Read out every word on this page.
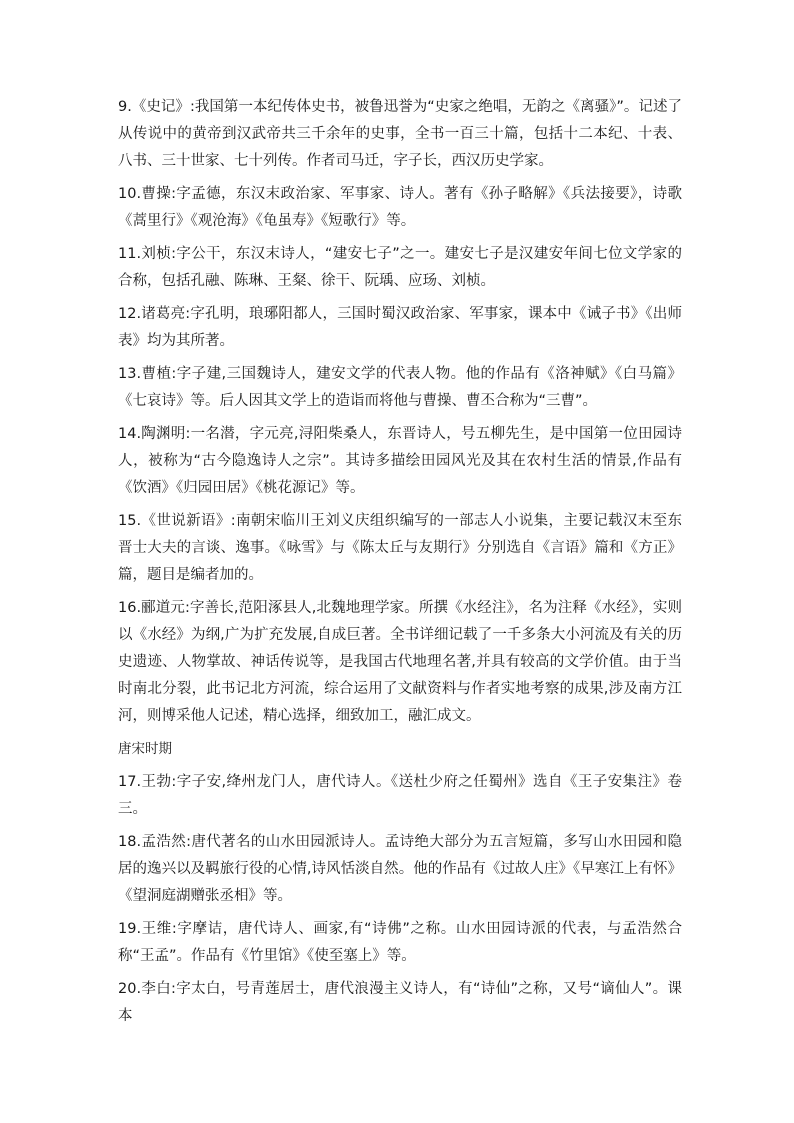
9.《史记》:我国第一本纪传体史书，被鲁迅誉为“史家之绝唱，无韵之《离骚》”。记述了从传说中的黄帝到汉武帝共三千余年的史事，全书一百三十篇，包括十二本纪、十表、八书、三十世家、七十列传。作者司马迁，字子长，西汉历史学家。

10.曹操:字孟德，东汉末政治家、军事家、诗人。著有《孙子略解》《兵法接要》，诗歌《蒿里行》《观沧海》《龟虽寿》《短歌行》等。

11.刘桢:字公干，东汉末诗人，“建安七子”之一。建安七子是汉建安年间七位文学家的合称，包括孔融、陈琳、王粲、徐干、阮瑀、应玚、刘桢。

12.诸葛亮:字孔明，琅琊阳都人，三国时蜀汉政治家、军事家，课本中《诫子书》《出师表》均为其所著。

13.曹植:字子建,三国魏诗人，建安文学的代表人物。他的作品有《洛神赋》《白马篇》《七哀诗》等。后人因其文学上的造诣而将他与曹操、曹丕合称为“三曹”。

14.陶渊明:一名潜，字元亮,浔阳柴桑人，东晋诗人，号五柳先生，是中国第一位田园诗人，被称为“古今隐逸诗人之宗”。其诗多描绘田园风光及其在农村生活的情景,作品有《饮酒》《归园田居》《桃花源记》等。

15.《世说新语》:南朝宋临川王刘义庆组织编写的一部志人小说集，主要记载汉末至东晋士大夫的言谈、逸事。《咏雪》与《陈太丘与友期行》分别选自《言语》篇和《方正》篇，题目是编者加的。

16.郦道元:字善长,范阳涿县人,北魏地理学家。所撰《水经注》，名为注释《水经》，实则以《水经》为纲,广为扩充发展,自成巨著。全书详细记载了一千多条大小河流及有关的历史遗迹、人物掌故、神话传说等，是我国古代地理名著,并具有较高的文学价值。由于当时南北分裂，此书记北方河流，综合运用了文献资料与作者实地考察的成果,涉及南方江河，则博采他人记述，精心选择，细致加工，融汇成文。

唐宋时期

17.王勃:字子安,绛州龙门人，唐代诗人。《送杜少府之任蜀州》选自《王子安集注》卷三。

18.孟浩然:唐代著名的山水田园派诗人。孟诗绝大部分为五言短篇，多写山水田园和隐居的逸兴以及羁旅行役的心情,诗风恬淡自然。他的作品有《过故人庄》《早寒江上有怀》《望洞庭湖赠张丞相》等。

19.王维:字摩诘，唐代诗人、画家,有“诗佛”之称。山水田园诗派的代表，与孟浩然合称“王孟”。作品有《竹里馆》《使至塞上》等。

20.李白:字太白，号青莲居士，唐代浪漫主义诗人，有“诗仙”之称，又号“谪仙人”。课本
